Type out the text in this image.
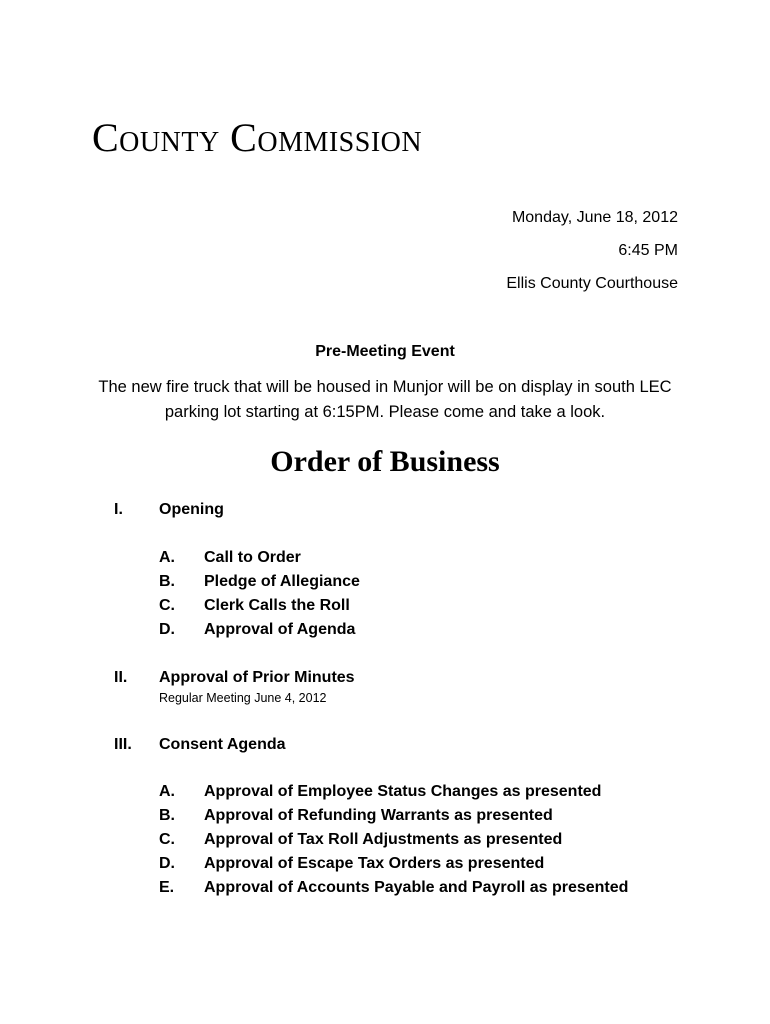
County Commission
Monday, June 18, 2012
6:45 PM
Ellis County Courthouse
Pre-Meeting Event

The new fire truck that will be housed in Munjor will be on display in south LEC parking lot starting at 6:15PM. Please come and take a look.

Order of Business
I. Opening
A. Call to Order
B. Pledge of Allegiance
C. Clerk Calls the Roll
D. Approval of Agenda
II. Approval of Prior Minutes
Regular Meeting June 4, 2012
III. Consent Agenda
A. Approval of Employee Status Changes as presented
B. Approval of Refunding Warrants as presented
C. Approval of Tax Roll Adjustments as presented
D. Approval of Escape Tax Orders as presented
E. Approval of Accounts Payable and Payroll as presented
